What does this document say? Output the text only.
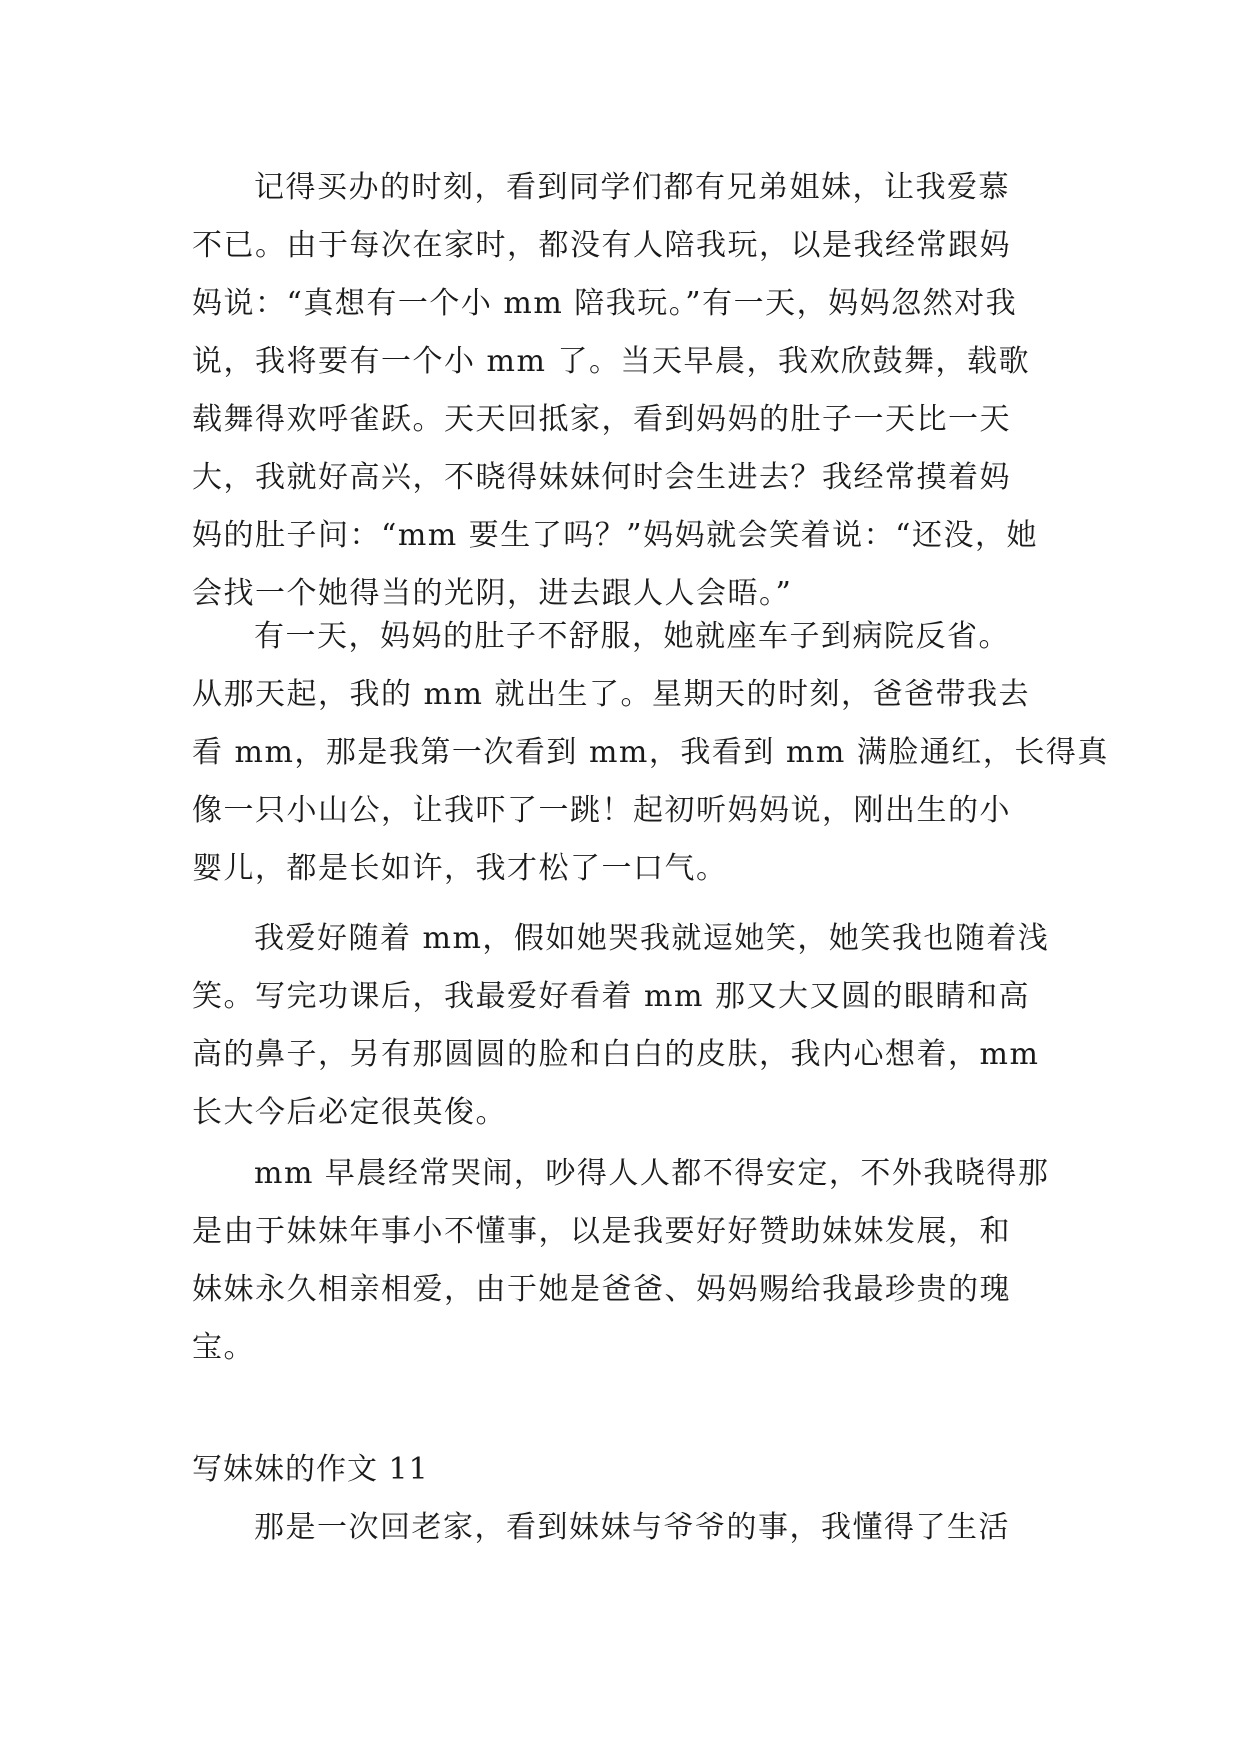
记得买办的时刻，看到同学们都有兄弟姐妹，让我爱慕
不已。由于每次在家时，都没有人陪我玩，以是我经常跟妈
妈说：“真想有一个小 mm 陪我玩。”有一天，妈妈忽然对我
说，我将要有一个小 mm 了。当天早晨，我欢欣鼓舞，载歌
载舞得欢呼雀跃。天天回抵家，看到妈妈的肚子一天比一天
大，我就好高兴，不晓得妹妹何时会生进去？我经常摸着妈
妈的肚子问：“mm 要生了吗？”妈妈就会笑着说：“还没，她
会找一个她得当的光阴，进去跟人人会晤。”
有一天，妈妈的肚子不舒服，她就座车子到病院反省。
从那天起，我的 mm 就出生了。星期天的时刻，爸爸带我去
看 mm，那是我第一次看到 mm，我看到 mm 满脸通红，长得真
像一只小山公，让我吓了一跳！起初听妈妈说，刚出生的小
婴儿，都是长如许，我才松了一口气。
我爱好随着 mm，假如她哭我就逗她笑，她笑我也随着浅
笑。写完功课后，我最爱好看着 mm 那又大又圆的眼睛和高
高的鼻子，另有那圆圆的脸和白白的皮肤，我内心想着，mm
长大今后必定很英俊。
mm 早晨经常哭闹，吵得人人都不得安定，不外我晓得那
是由于妹妹年事小不懂事，以是我要好好赞助妹妹发展，和
妹妹永久相亲相爱，由于她是爸爸、妈妈赐给我最珍贵的瑰
宝。
写妹妹的作文 11
那是一次回老家，看到妹妹与爷爷的事，我懂得了生活
